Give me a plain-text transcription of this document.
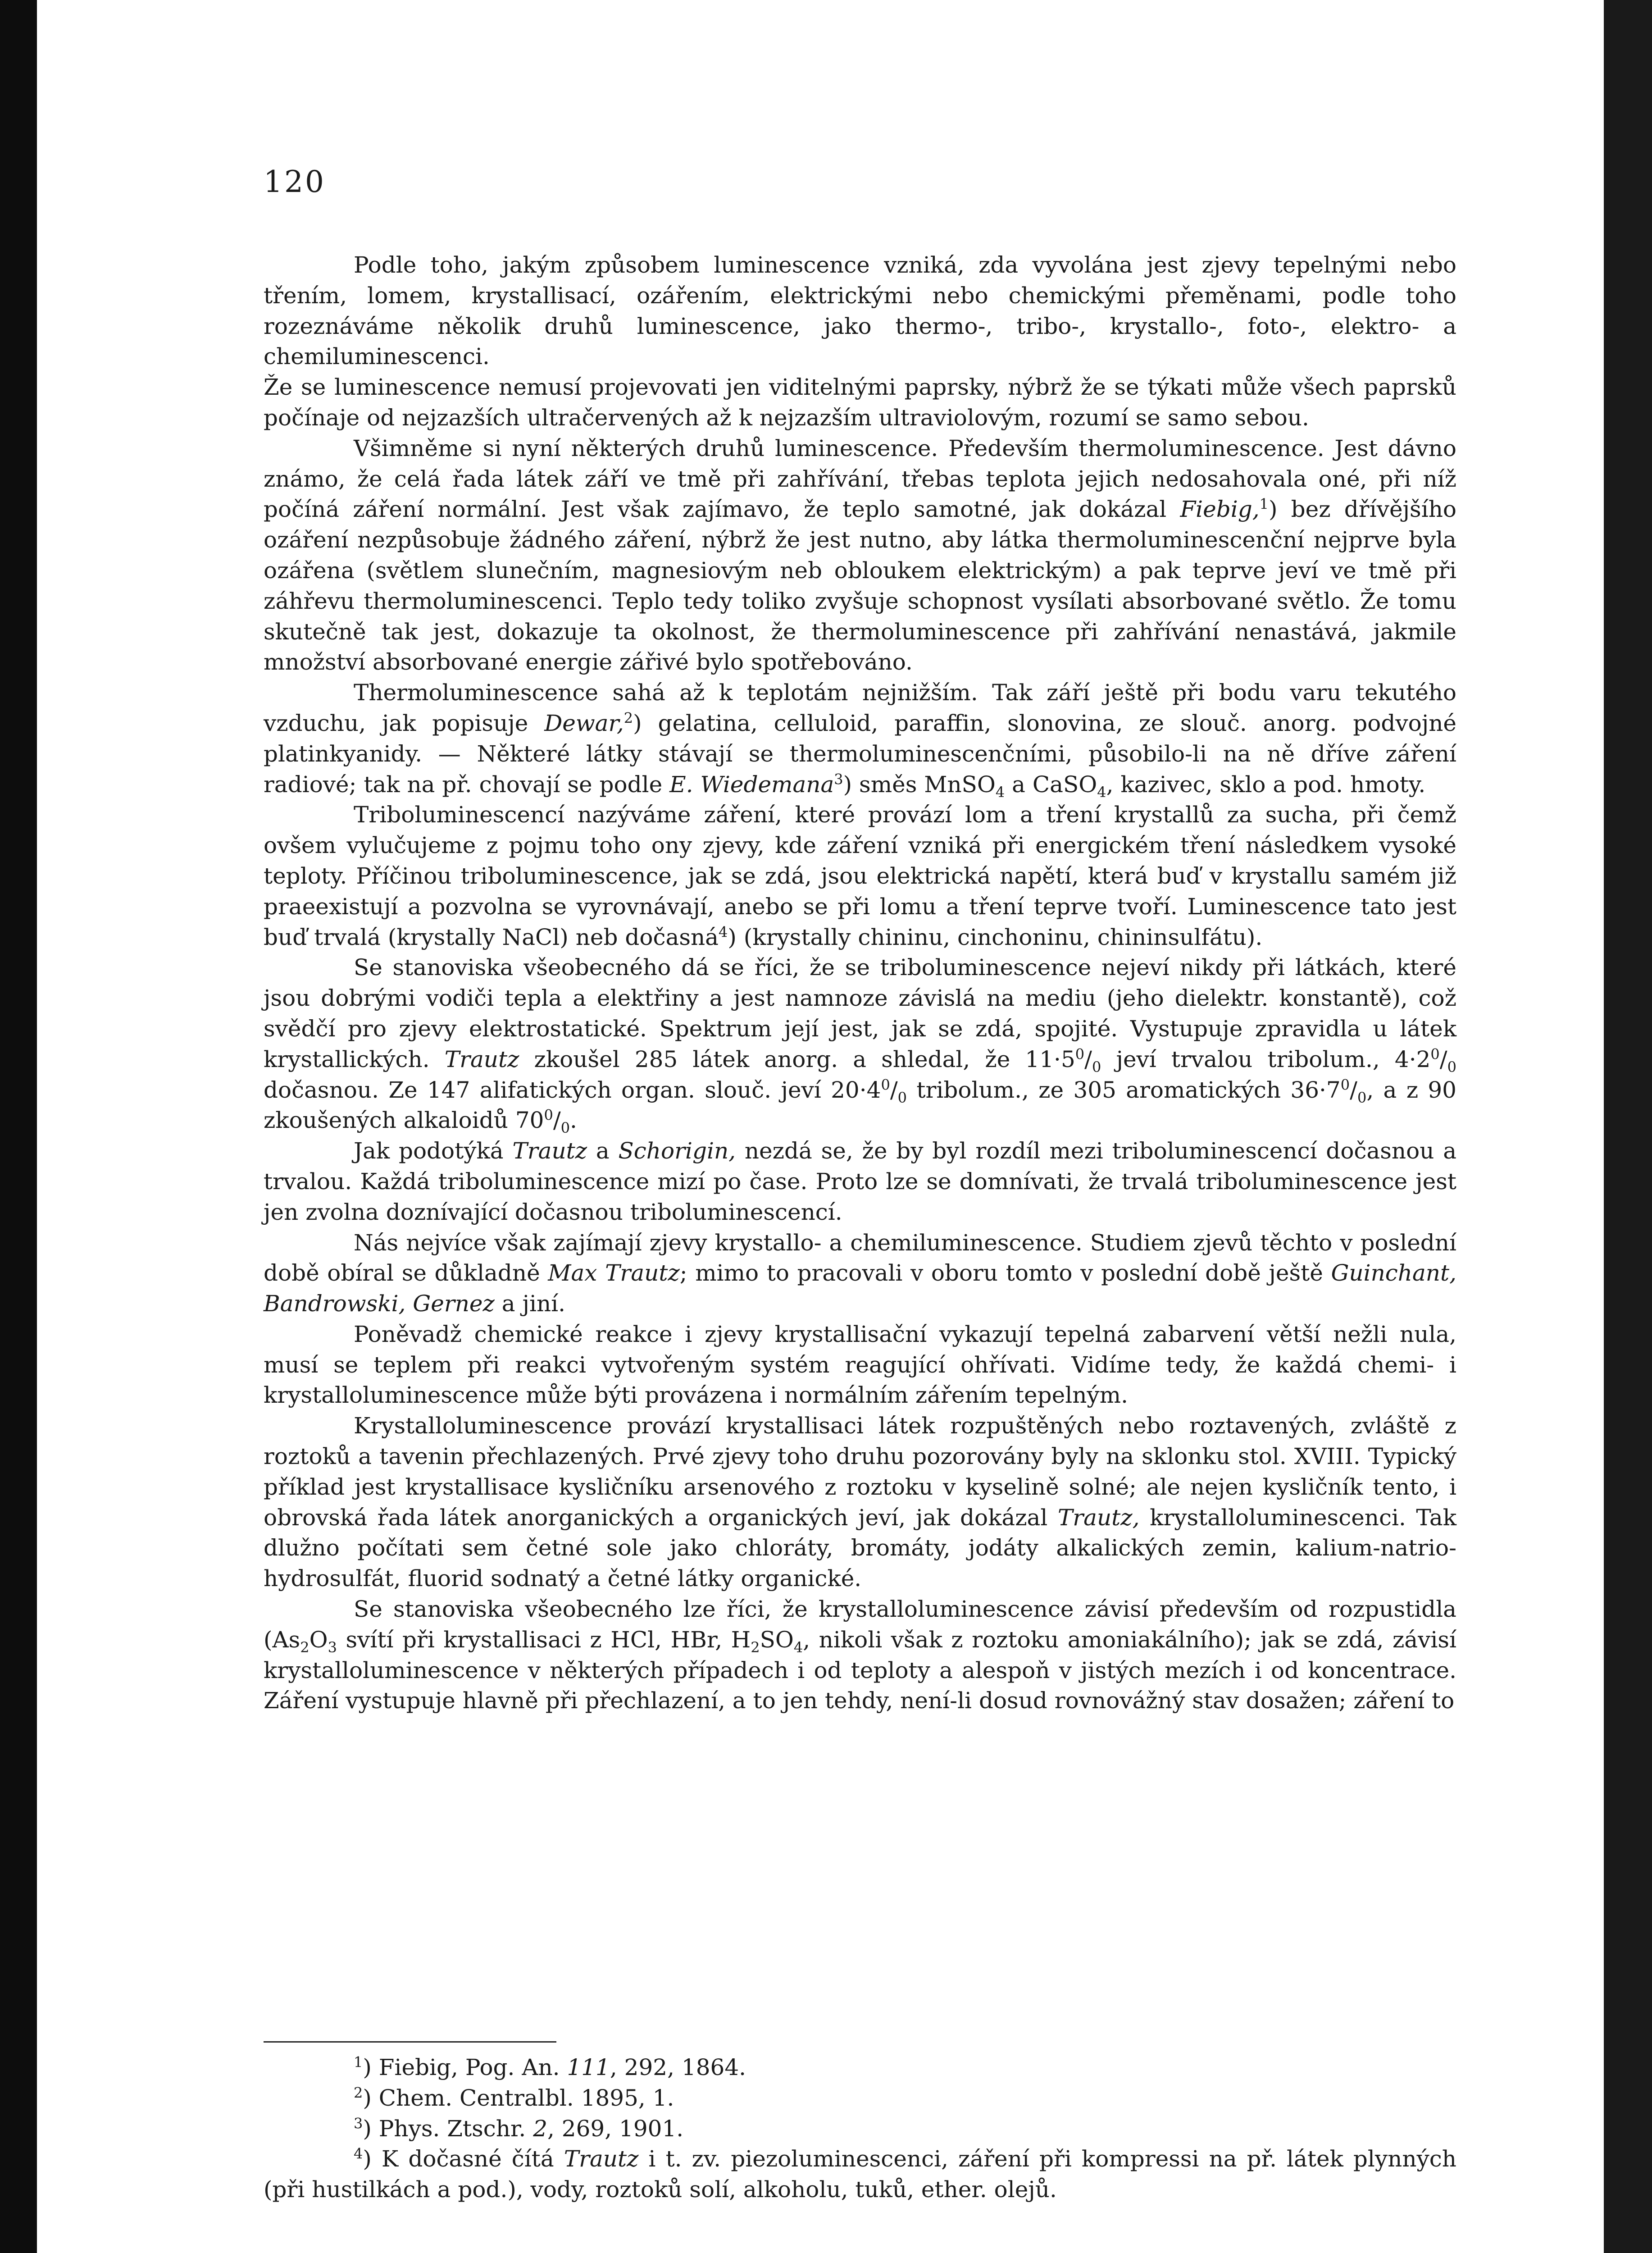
120

Podle toho, jakým způsobem luminescence vzniká, zda vyvolána jest zjevy tepelnými nebo třením, lomem, krystallisací, ozářením, elektrickými nebo chemickými přeměnami, podle toho rozeznáváme několik druhů luminescence, jako thermo-, tribo-, krystallo-, foto-, elektro- a chemiluminescenci.

Že se luminescence nemusí projevovati jen viditelnými paprsky, nýbrž že se týkati může všech paprsků počínaje od nejzazších ultračervených až k nejzazším ultraviolovým, rozumí se samo sebou.

Všimněme si nyní některých druhů luminescence. Především thermoluminescence. Jest dávno známo, že celá řada látek září ve tmě při zahřívání, třebas teplota jejich nedosahovala oné, při níž počíná záření normální. Jest však zajímavo, že teplo samotné, jak dokázal Fiebig,$^1$) bez dřívějšího ozáření nezpůsobuje žádného záření, nýbrž že jest nutno, aby látka thermoluminescenční nejprve byla ozářena (světlem slunečním, magnesiovým neb obloukem elektrickým) a pak teprve jeví ve tmě při záhřevu thermoluminescenci. Teplo tedy toliko zvyšuje schopnost vysílati absorbované světlo. Že tomu skutečně tak jest, dokazuje ta okolnost, že thermoluminescence při zahřívání nenastává, jakmile množství absorbované energie zářivé bylo spotřebováno.

Thermoluminescence sahá až k teplotám nejnižším. Tak září ještě při bodu varu tekutého vzduchu, jak popisuje Dewar,$^2$) gelatina, celluloid, paraffin, slonovina, ze slouč. anorg. podvojné platinkyanidy. — Některé látky stávají se thermoluminescenčními, působilo-li na ně dříve záření radiové; tak na př. chovají se podle E. Wiedemana$^3$) směs MnSO$_4$ a CaSO$_4$, kazivec, sklo a pod. hmoty.

Triboluminescencí nazýváme záření, které provází lom a tření krystallů za sucha, při čemž ovšem vylučujeme z pojmu toho ony zjevy, kde záření vzniká při energickém tření následkem vysoké teploty. Příčinou triboluminescence, jak se zdá, jsou elektrická napětí, která buď v krystallu samém již praeexistují a pozvolna se vyrovnávají, anebo se při lomu a tření teprve tvoří. Luminescence tato jest buď trvalá (krystally NaCl) neb dočasná$^4$) (krystally chininu, cinchoninu, chininsulfátu).

Se stanoviska všeobecného dá se říci, že se triboluminescence nejeví nikdy při látkách, které jsou dobrými vodiči tepla a elektřiny a jest namnoze závislá na mediu (jeho dielektr. konstantě), což svědčí pro zjevy elektrostatické. Spektrum její jest, jak se zdá, spojité. Vystupuje zpravidla u látek krystallických. Trautz zkoušel 285 látek anorg. a shledal, že $11\cdot 5^0/_0$ jeví trvalou tribolum., $4\cdot 2^0/_0$ dočasnou. Ze 147 alifatických organ. slouč. jeví $20\cdot 4^0/_0$ tribolum., ze 305 aromatických $36\cdot 7^0/_0$, a z 90 zkoušených alkaloidů $70^0/_0$.

Jak podotýká Trautz a Schorigin, nezdá se, že by byl rozdíl mezi triboluminescencí dočasnou a trvalou. Každá triboluminescence mizí po čase. Proto lze se domnívati, že trvalá triboluminescence jest jen zvolna doznívající dočasnou triboluminescencí.

Nás nejvíce však zajímají zjevy krystallo- a chemiluminescence. Studiem zjevů těchto v poslední době obíral se důkladně Max Trautz; mimo to pracovali v oboru tomto v poslední době ještě Guinchant, Bandrowski, Gernez a jiní.

Poněvadž chemické reakce i zjevy krystallisační vykazují tepelná zabarvení větší nežli nula, musí se teplem při reakci vytvořeným systém reagující ohřívati. Vidíme tedy, že každá chemi- i krystalloluminescence může býti provázena i normálním zářením tepelným.

Krystalloluminescence provází krystallisaci látek rozpuštěných nebo roztavených, zvláště z roztoků a tavenin přechlazených. Prvé zjevy toho druhu pozorovány byly na sklonku stol. XVIII. Typický příklad jest krystallisace kysličníku arsenového z roztoku v kyselině solné; ale nejen kysličník tento, i obrovská řada látek anorganických a organických jeví, jak dokázal Trautz, krystalloluminescenci. Tak dlužno počítati sem četné sole jako chloráty, bromáty, jodáty alkalických zemin, kalium-natrio-hydrosulfát, fluorid sodnatý a četné látky organické.

Se stanoviska všeobecného lze říci, že krystalloluminescence závisí především od rozpustidla ($As_2O_3$ svítí při krystallisaci z HCl, HBr, $H_2SO_4$, nikoli však z roztoku amoniakálního); jak se zdá, závisí krystalloluminescence v některých případech i od teploty a alespoň v jistých mezích i od koncentrace. Záření vystupuje hlavně při přechlazení, a to jen tehdy, není-li dosud rovnovážný stav dosažen; záření to

$^1$) Fiebig, Pog. An. 111, 292, 1864.

$^2$) Chem. Centralbl. 1895, 1.

$^3$) Phys. Ztschr. 2, 269, 1901.

$^4$) K dočasné čítá Trautz i t. zv. piezoluminescenci, záření při kompressi na př. látek plynných (při hustilkách a pod.), vody, roztoků solí, alkoholu, tuků, ether. olejů.
